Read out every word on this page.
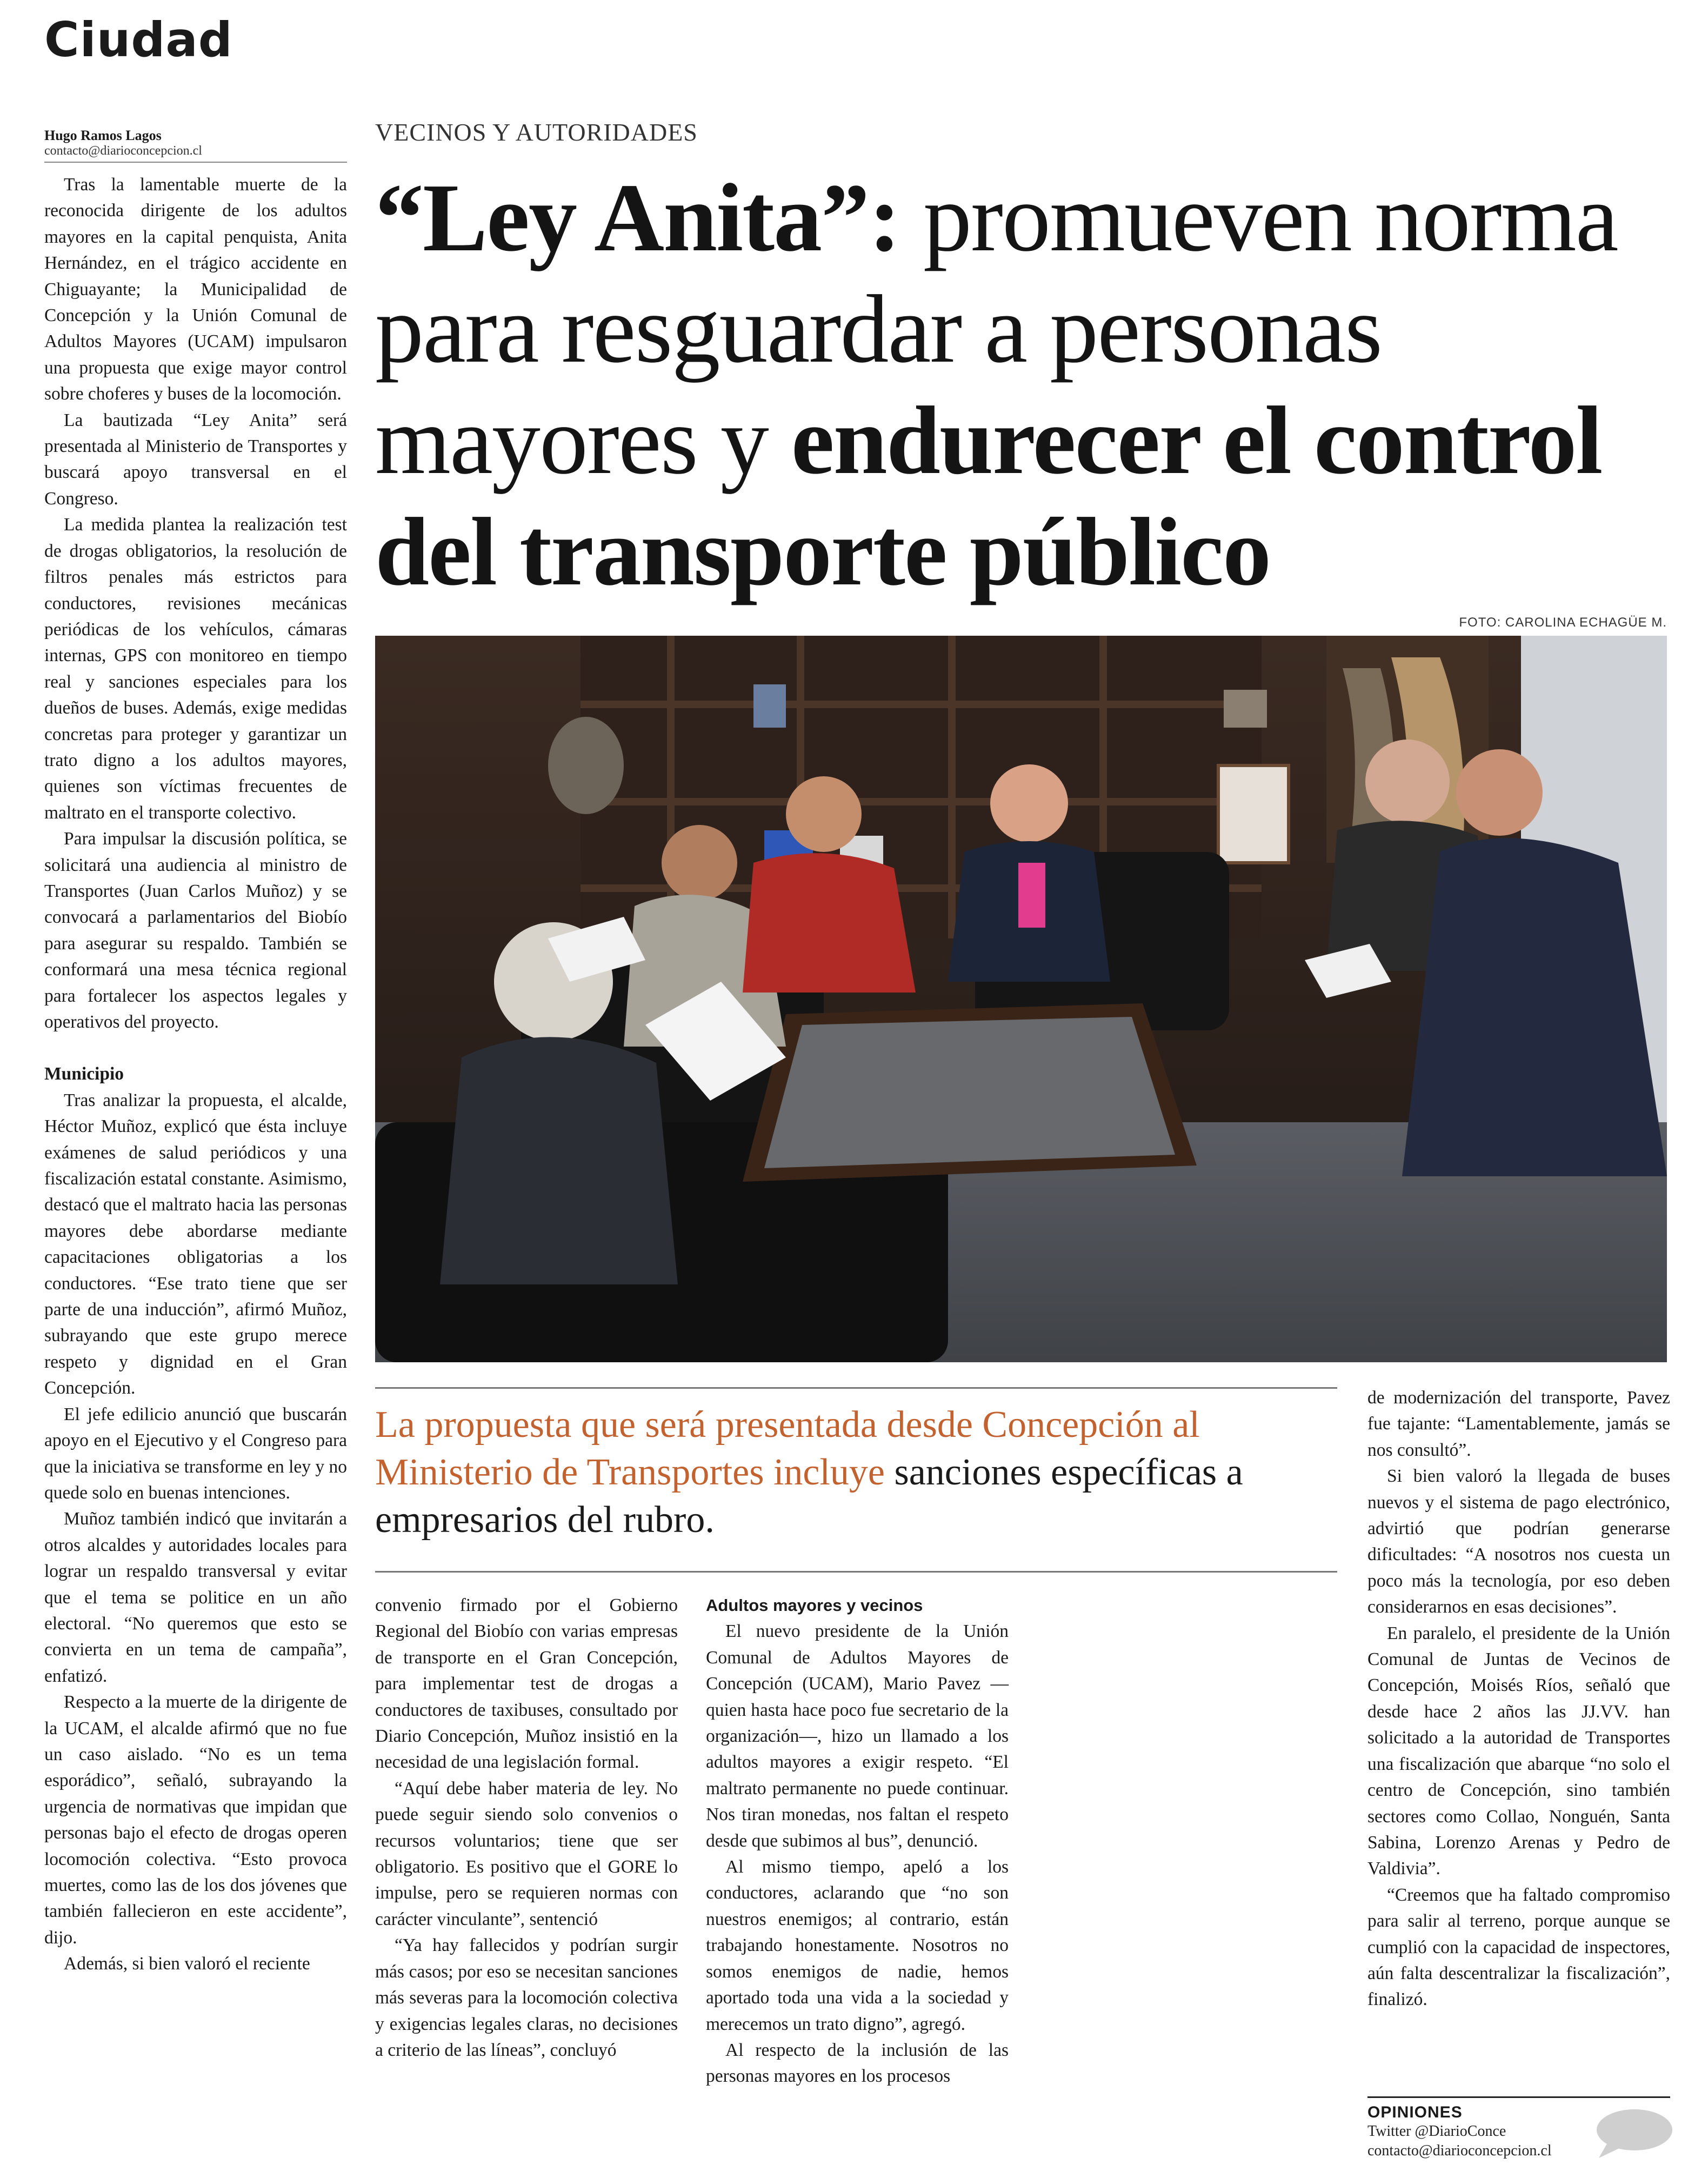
Ciudad
Hugo Ramos Lagos
contacto@diarioconcepcion.cl
VECINOS Y AUTORIDADES
“Ley Anita”: promueven norma para resguardar a personas mayores y endurecer el control del transporte público
FOTO: CAROLINA ECHAGÜE M.

Tras la lamentable muerte de la reconocida dirigente de los adultos mayores en la capital penquista, Anita Hernández, en el trágico accidente en Chiguayante; la Municipalidad de Concepción y la Unión Comunal de Adultos Mayores (UCAM) impulsaron una propuesta que exige mayor control sobre choferes y buses de la locomoción.

La bautizada “Ley Anita” será presentada al Ministerio de Transportes y buscará apoyo transversal en el Congreso.

La medida plantea la realización test de drogas obligatorios, la resolución de filtros penales más estrictos para conductores, revisiones mecánicas periódicas de los vehículos, cámaras internas, GPS con monitoreo en tiempo real y sanciones especiales para los dueños de buses. Además, exige medidas concretas para proteger y garantizar un trato digno a los adultos mayores, quienes son víctimas frecuentes de maltrato en el transporte colectivo.

Para impulsar la discusión política, se solicitará una audiencia al ministro de Transportes (Juan Carlos Muñoz) y se convocará a parlamentarios del Biobío para asegurar su respaldo. También se conformará una mesa técnica regional para fortalecer los aspectos legales y operativos del proyecto.

Municipio

Tras analizar la propuesta, el alcalde, Héctor Muñoz, explicó que ésta incluye exámenes de salud periódicos y una fiscalización estatal constante. Asimismo, destacó que el maltrato hacia las personas mayores debe abordarse mediante capacitaciones obligatorias a los conductores. “Ese trato tiene que ser parte de una inducción”, afirmó Muñoz, subrayando que este grupo merece respeto y dignidad en el Gran Concepción.

El jefe edilicio anunció que buscarán apoyo en el Ejecutivo y el Congreso para que la iniciativa se transforme en ley y no quede solo en buenas intenciones.

Muñoz también indicó que invitarán a otros alcaldes y autoridades locales para lograr un respaldo transversal y evitar que el tema se politice en un año electoral. “No queremos que esto se convierta en un tema de campaña”, enfatizó.

Respecto a la muerte de la dirigente de la UCAM, el alcalde afirmó que no fue un caso aislado. “No es un tema esporádico”, señaló, subrayando la urgencia de normativas que impidan que personas bajo el efecto de drogas operen locomoción colectiva. “Esto provoca muertes, como las de los dos jóvenes que también fallecieron en este accidente”, dijo.

Además, si bien valoró el reciente

La propuesta que será presentada desde Concepción al Ministerio de Transportes incluye sanciones específicas a empresarios del rubro.

convenio firmado por el Gobierno Regional del Biobío con varias empresas de transporte en el Gran Concepción, para implementar test de drogas a conductores de taxibuses, consultado por Diario Concepción, Muñoz insistió en la necesidad de una legislación formal.

“Aquí debe haber materia de ley. No puede seguir siendo solo convenios o recursos voluntarios; tiene que ser obligatorio. Es positivo que el GORE lo impulse, pero se requieren normas con carácter vinculante”, sentenció

“Ya hay fallecidos y podrían surgir más casos; por eso se necesitan sanciones más severas para la locomoción colectiva y exigencias legales claras, no decisiones a criterio de las líneas”, concluyó

Adultos mayores y vecinos

El nuevo presidente de la Unión Comunal de Adultos Mayores de Concepción (UCAM), Mario Pavez —quien hasta hace poco fue secretario de la organización—, hizo un llamado a los adultos mayores a exigir respeto. “El maltrato permanente no puede continuar. Nos tiran monedas, nos faltan el respeto desde que subimos al bus”, denunció.

Al mismo tiempo, apeló a los conductores, aclarando que “no son nuestros enemigos; al contrario, están trabajando honestamente. Nosotros no somos enemigos de nadie, hemos aportado toda una vida a la sociedad y merecemos un trato digno”, agregó.

Al respecto de la inclusión de las personas mayores en los procesos

de modernización del transporte, Pavez fue tajante: “Lamentablemente, jamás se nos consultó”.

Si bien valoró la llegada de buses nuevos y el sistema de pago electrónico, advirtió que podrían generarse dificultades: “A nosotros nos cuesta un poco más la tecnología, por eso deben considerarnos en esas decisiones”.

En paralelo, el presidente de la Unión Comunal de Juntas de Vecinos de Concepción, Moisés Ríos, señaló que desde hace 2 años las JJ.VV. han solicitado a la autoridad de Transportes una fiscalización que abarque “no solo el centro de Concepción, sino también sectores como Collao, Nonguén, Santa Sabina, Lorenzo Arenas y Pedro de Valdivia”.

“Creemos que ha faltado compromiso para salir al terreno, porque aunque se cumplió con la capacidad de inspectores, aún falta descentralizar la fiscalización”, finalizó.

OPINIONES
Twitter @DiarioConce
contacto@diarioconcepcion.cl
